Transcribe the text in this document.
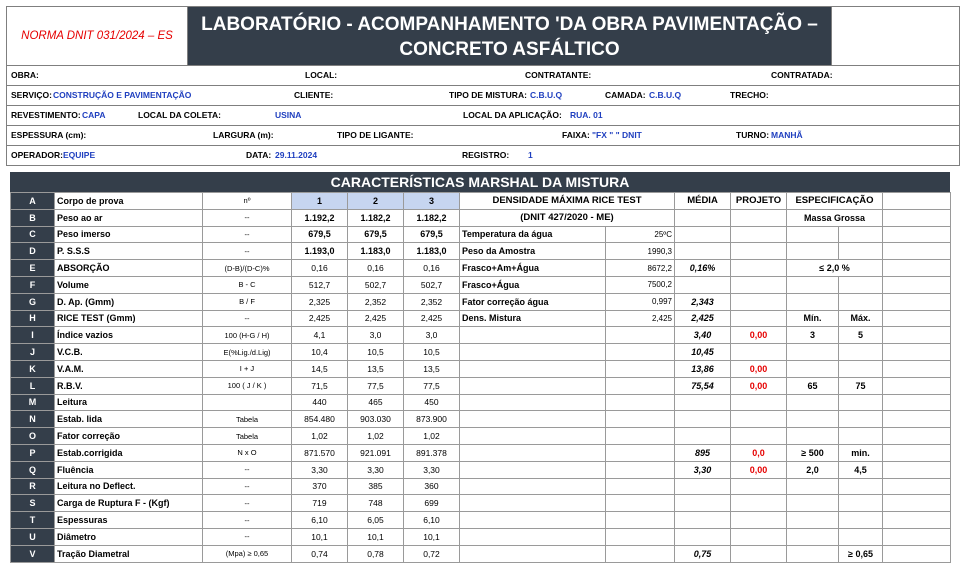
NORMA DNIT 031/2024 – ES
LABORATÓRIO - ACOMPANHAMENTO 'DA OBRA PAVIMENTAÇÃO –
CONCRETO ASFÁLTICO
OBRA:	LOCAL:	CONTRATANTE:	CONTRATADA:
SERVIÇO: CONSTRUÇÃO E PAVIMENTAÇÃO	CLIENTE:	TIPO DE MISTURA: C.B.U.Q	CAMADA: C.B.U.Q	TRECHO:
REVESTIMENTO: CAPA	LOCAL DA COLETA:	USINA	LOCAL DA APLICAÇÃO: RUA. 01
ESPESSURA (cm):	LARGURA (m):	TIPO DE LIGANTE:	FAIXA: "FX " " DNIT	TURNO: MANHÃ
OPERADOR: EQUIPE	DATA: 29.11.2024	REGISTRO: 1
CARACTERÍSTICAS MARSHAL DA MISTURA
A	Corpo de prova	nº	1	2	3	DENSIDADE MÁXIMA RICE TEST		MÉDIA	PROJETO	ESPECIFICAÇÃO		
B	Peso ao ar	--	1.192,2	1.182,2	1.182,2	(DNIT 427/2020 - ME)				Massa Grossa		
C	Peso imerso	--	679,5	679,5	679,5	Temperatura da água	25ºC					
D	P. S.S.S	--	1.193,0	1.183,0	1.183,0	Peso da Amostra	1990,3					
E	ABSORÇÃO	(D-B)/(D-C)%	0,16	0,16	0,16	Frasco+Am+Água	8672,2	0,16%		≤ 2,0 %		
F	Volume	B - C	512,7	502,7	502,7	Frasco+Água	7500,2					
G	D. Ap. (Gmm)	B / F	2,325	2,352	2,352	Fator correção água	0,997	2,343				
H	RICE TEST (Gmm)	--	2,425	2,425	2,425	Dens. Mistura	2,425	2,425		Mín.	Máx.	
I	Índice vazios	100 (H-G / H)	4,1	3,0	3,0			3,40	0,00	3	5	
J	V.C.B.	E(%Lig./d.Lig)	10,4	10,5	10,5			10,45				
K	V.A.M.	I + J	14,5	13,5	13,5			13,86	0,00			
L	R.B.V.	100 ( J / K )	71,5	77,5	77,5			75,54	0,00	65	75	
M	Leitura		440	465	450							
N	Estab. lida	Tabela	854.480	903.030	873.900							
O	Fator correção	Tabela	1,02	1,02	1,02							
P	Estab.corrigida	N x O	871.570	921.091	891.378			895	0,0	≥ 500	min.	
Q	Fluência	--	3,30	3,30	3,30			3,30	0,00	2,0	4,5	
R	Leitura no Deflect.	--	370	385	360							
S	Carga de Ruptura F - (Kgf)	--	719	748	699							
T	Espessuras	--	6,10	6,05	6,10							
U	Diâmetro	--	10,1	10,1	10,1							
V	Tração Diametral	(Mpa) ≥ 0,65	0,74	0,78	0,72			0,75			≥ 0,65	
